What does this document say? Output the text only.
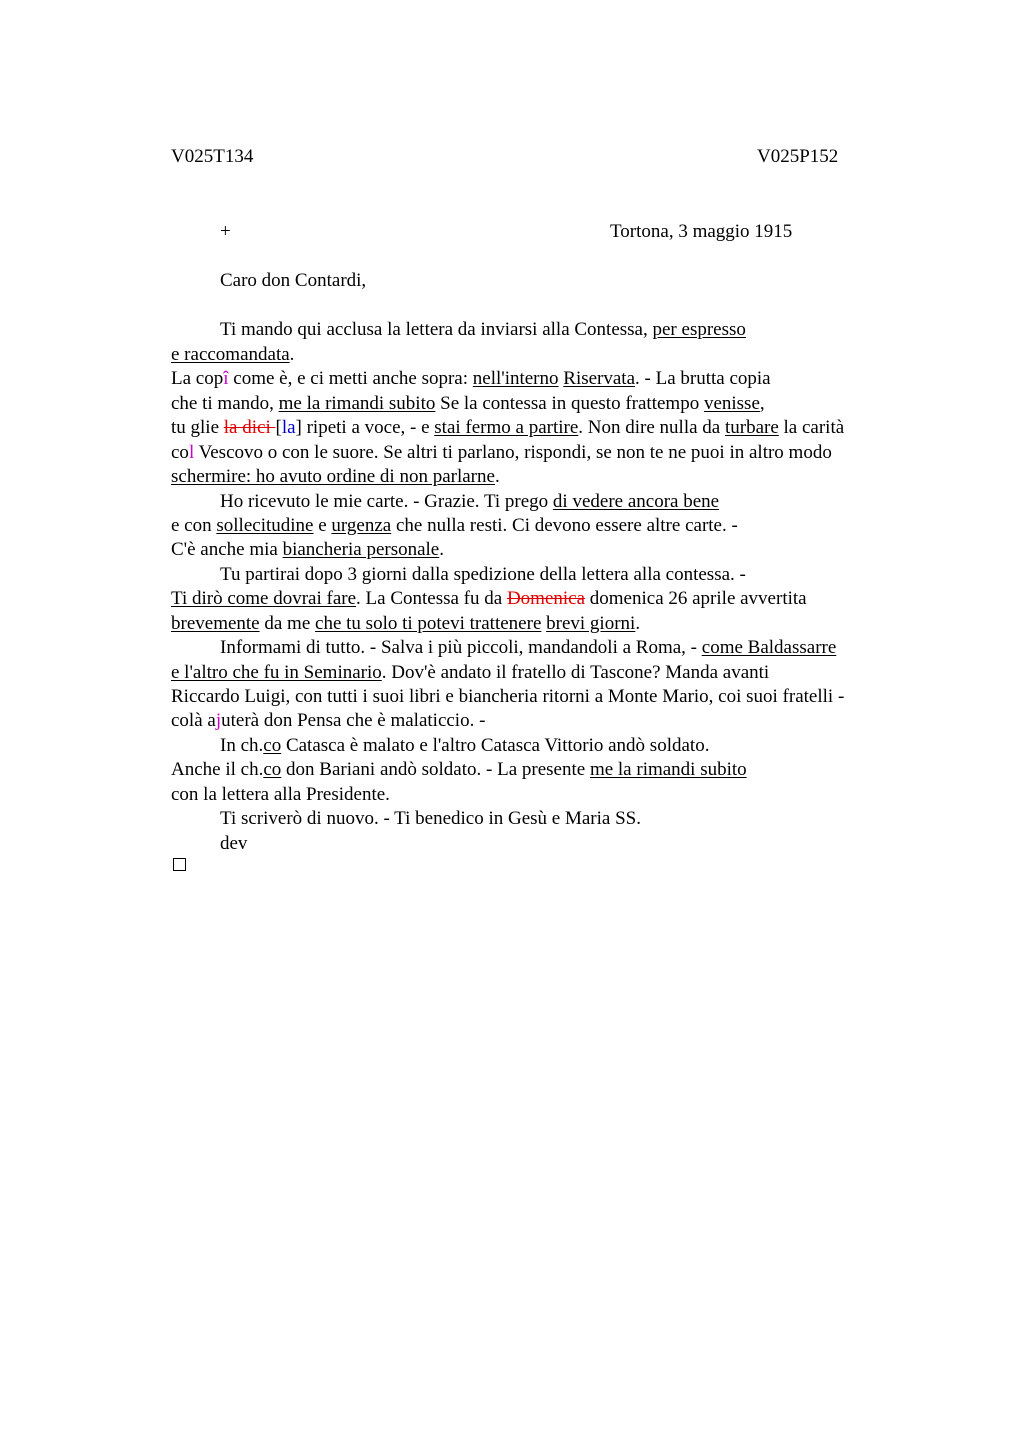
V025T134	V025P152
+	Tortona, 3 maggio 1915
Caro don Contardi,
Ti mando qui acclusa la lettera da inviarsi alla Contessa, per espresso
e raccomandata.
La copî come è, e ci metti anche sopra: nell'interno Riservata. - La brutta copia
che ti mando, me la rimandi subito Se la contessa in questo frattempo venisse,
tu glie la dici [la] ripeti a voce, - e stai fermo a partire. Non dire nulla da turbare la carità
col Vescovo o con le suore. Se altri ti parlano, rispondi, se non te ne puoi in altro modo
schermire: ho avuto ordine di non parlarne.
Ho ricevuto le mie carte. - Grazie. Ti prego di vedere ancora bene
e con sollecitudine e urgenza che nulla resti. Ci devono essere altre carte. -
C'è anche mia biancheria personale.
Tu partirai dopo 3 giorni dalla spedizione della lettera alla contessa. -
Ti dirò come dovrai fare. La Contessa fu da Domenica domenica 26 aprile avvertita
brevemente da me che tu solo ti potevi trattenere brevi giorni.
Informami di tutto. - Salva i più piccoli, mandandoli a Roma, - come Baldassarre
e l'altro che fu in Seminario. Dov'è andato il fratello di Tascone? Manda avanti
Riccardo Luigi, con tutti i suoi libri e biancheria ritorni a Monte Mario, coi suoi fratelli -
colà ajuterà don Pensa che è malaticcio. -
In ch.co Catasca è malato e l'altro Catasca Vittorio andò soldato.
Anche il ch.co don Bariani andò soldato. - La presente me la rimandi subito
con la lettera alla Presidente.
Ti scriverò di nuovo. - Ti benedico in Gesù e Maria SS.
dev
